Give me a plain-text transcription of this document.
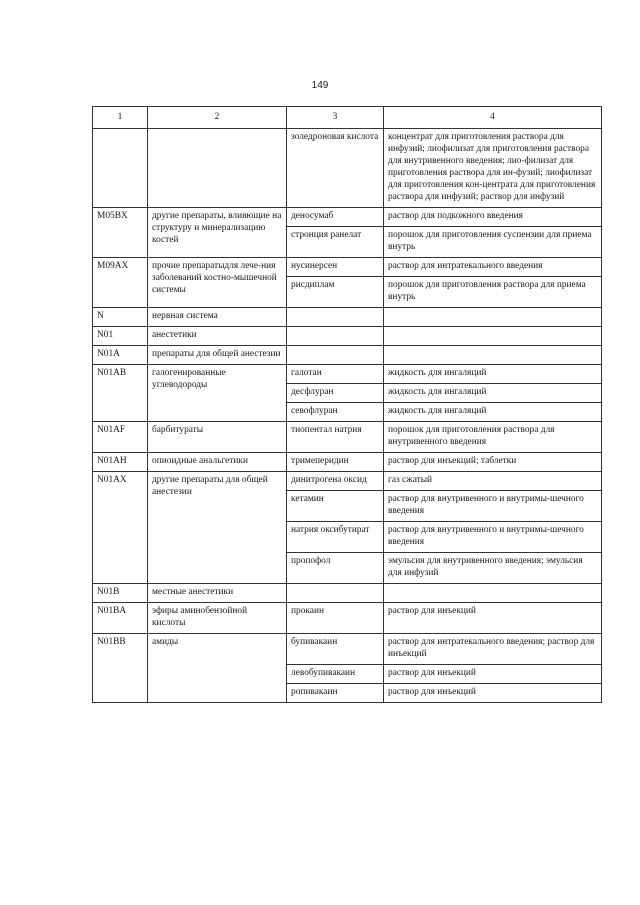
149
1	2	3	4
		золедроновая кислота	концентрат для приготовления раствора для инфузий; лиофилизат для приготовления раствора для внутривенного введения; лио-филизат для приготовления раствора для ин-фузий; лиофилизат для приготовления кон-центрата для приготовления раствора для инфузий; раствор для инфузий
M05BX	другие препараты, влияющие на структуру и минерализацию костей	деносумаб	раствор для подкожного введения
		стронция ранелат	порошок для приготовления суспензии для приема внутрь
M09AX	прочие препаратыдля лече-ния заболеваний костно-мышечной системы	нусинерсен	раствор для интратекального введения
		рисдиплам	порошок для приготовления раствора для приема внутрь
N	нервная система		
N01	анестетики		
N01A	препараты для общей анестезии		
N01AB	галогенированные углеводороды	галотан	жидкость для ингаляций
		десфлуран	жидкость для ингаляций
		севофлуран	жидкость для ингаляций
N01AF	барбитураты	тиопентал натрия	порошок для приготовления раствора для внутривенного введения
N01AH	опиоидные анальгетики	тримеперидин	раствор для инъекций; таблетки
N01AX	другие препараты для общей анестезии	динитрогена оксид	газ сжатый
		кетамин	раствор для внутривенного и внутримы-шечного введения
		натрия оксибутират	раствор для внутривенного и внутримы-шечного введения
		пропофол	эмульсия для внутривенного введения; эмульсия для инфузий
N01B	местные анестетики		
N01BA	эфиры аминобензойной кислоты	прокаин	раствор для инъекций
N01BB	амиды	бупивакаин	раствор для интратекального введения; раствор для инъекций
		левобупивакаин	раствор для инъекций
		ропивакаин	раствор для инъекций
